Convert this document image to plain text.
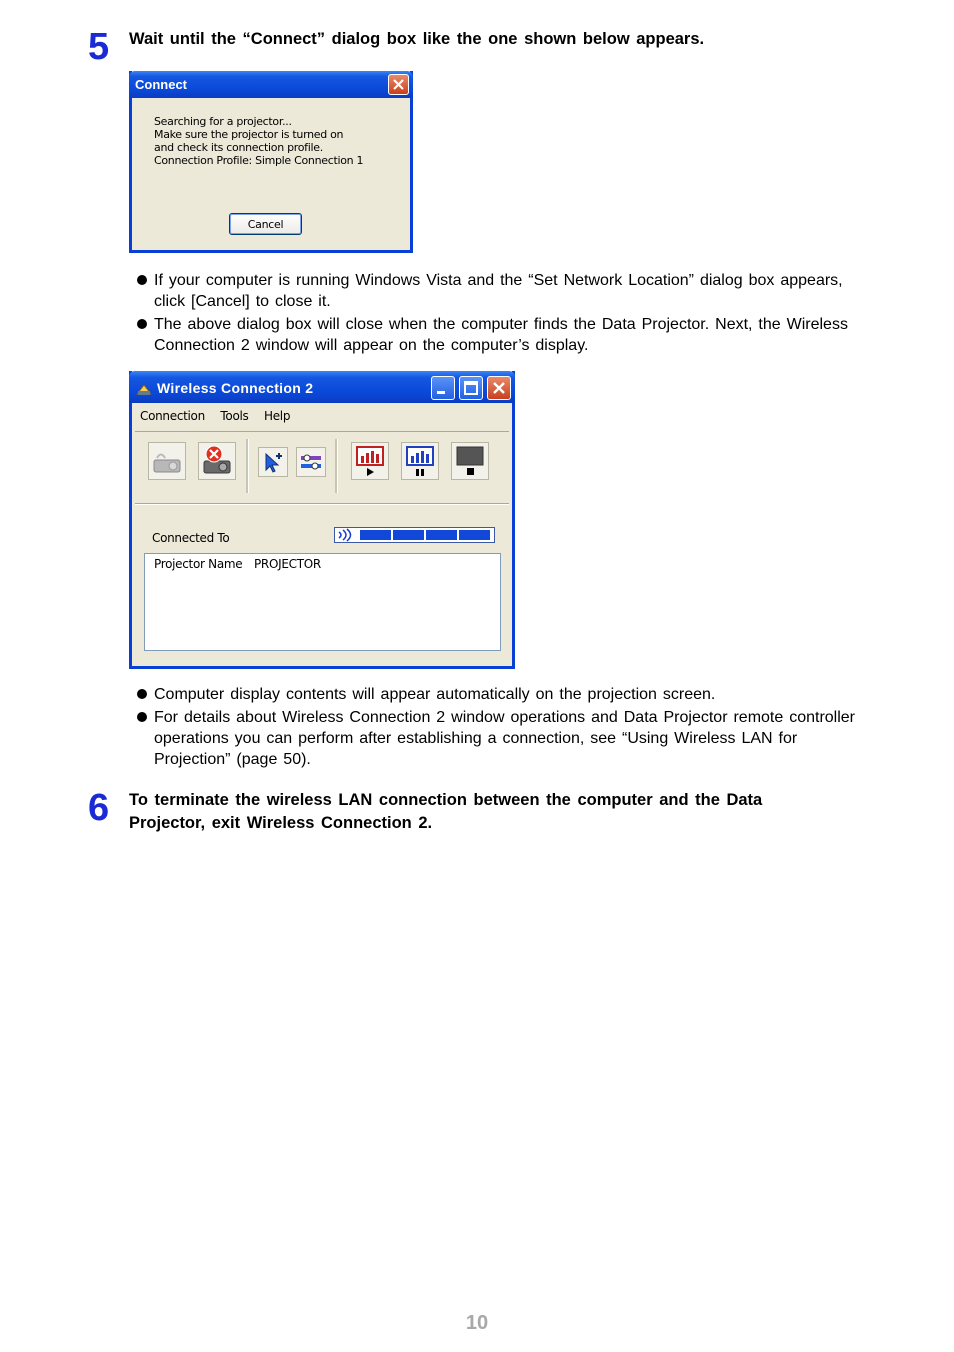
5 Wait until the “Connect” dialog box like the one shown below appears.
Connect
Searching for a projector...
Make sure the projector is turned on
and check its connection profile.
Connection Profile: Simple Connection 1
Cancel
If your computer is running Windows Vista and the “Set Network Location” dialog box appears, click [Cancel] to close it.
The above dialog box will close when the computer finds the Data Projector. Next, the Wireless Connection 2 window will appear on the computer’s display.
Wireless Connection 2
Connection Tools Help
Connected To
Projector Name PROJECTOR
Computer display contents will appear automatically on the projection screen.
For details about Wireless Connection 2 window operations and Data Projector remote controller operations you can perform after establishing a connection, see “Using Wireless LAN for Projection” (page 50).
6 To terminate the wireless LAN connection between the computer and the Data Projector, exit Wireless Connection 2.
10
